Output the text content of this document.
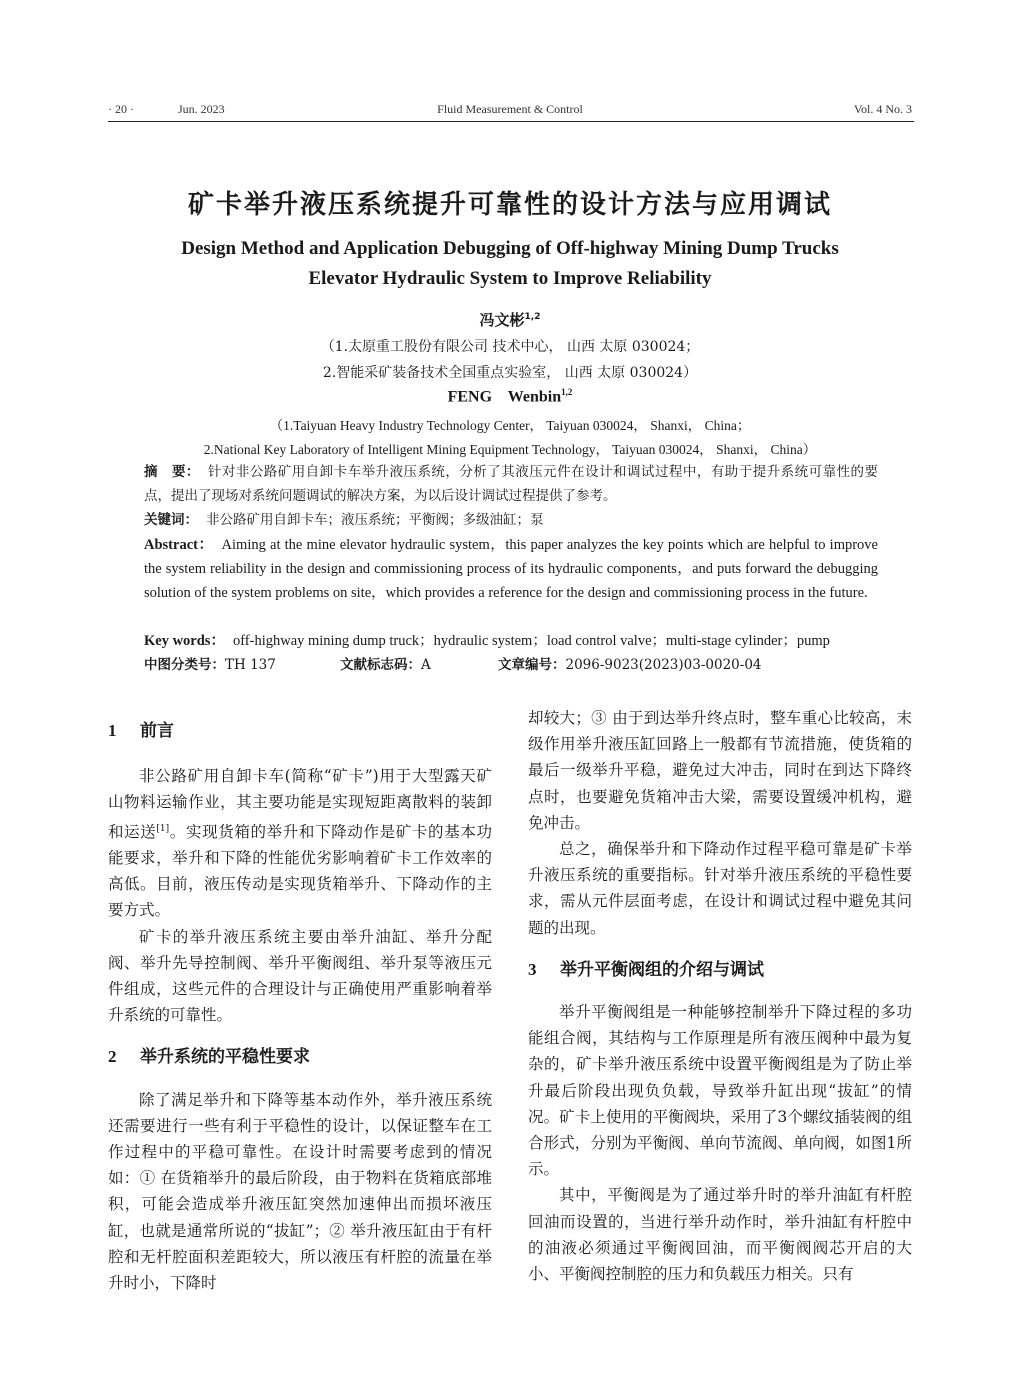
· 20 ·	Jun. 2023	Fluid Measurement & Control	Vol. 4 No. 3
矿卡举升液压系统提升可靠性的设计方法与应用调试
Design Method and Application Debugging of Off-highway Mining Dump Trucks
Elevator Hydraulic System to Improve Reliability
冯文彬$^{1,2}$
（1.太原重工股份有限公司 技术中心， 山西 太原 030024；
2.智能采矿装备技术全国重点实验室， 山西 太原 030024）
FENG    Wenbin$^{1,2}$
（1.Taiyuan Heavy Industry Technology Center， Taiyuan 030024， Shanxi， China；
2.National Key Laboratory of Intelligent Mining Equipment Technology， Taiyuan 030024， Shanxi， China）
摘　要： 针对非公路矿用自卸卡车举升液压系统，分析了其液压元件在设计和调试过程中，有助于提升系统可靠性的要点，提出了现场对系统问题调试的解决方案，为以后设计调试过程提供了参考。
关键词： 非公路矿用自卸卡车；液压系统；平衡阀；多级油缸；泵
Abstract： Aiming at the mine elevator hydraulic system，this paper analyzes the key points which are helpful to improve the system reliability in the design and commissioning process of its hydraulic components，and puts forward the debugging solution of the system problems on site，which provides a reference for the design and commissioning process in the future.
Key words： off-highway mining dump truck；hydraulic system；load control valve；multi-stage cylinder；pump
中图分类号：TH 137	文献标志码：A	文章编号：2096-9023(2023)03-0020-04
1 前言

非公路矿用自卸卡车(简称“矿卡”)用于大型露天矿山物料运输作业，其主要功能是实现短距离散料的装卸和运送[1]。实现货箱的举升和下降动作是矿卡的基本功能要求，举升和下降的性能优劣影响着矿卡工作效率的高低。目前，液压传动是实现货箱举升、下降动作的主要方式。

矿卡的举升液压系统主要由举升油缸、举升分配阀、举升先导控制阀、举升平衡阀组、举升泵等液压元件组成，这些元件的合理设计与正确使用严重影响着举升系统的可靠性。

2 举升系统的平稳性要求

除了满足举升和下降等基本动作外，举升液压系统还需要进行一些有利于平稳性的设计，以保证整车在工作过程中的平稳可靠性。在设计时需要考虑到的情况如：① 在货箱举升的最后阶段，由于物料在货箱底部堆积，可能会造成举升液压缸突然加速伸出而损坏液压缸，也就是通常所说的“拔缸”；② 举升液压缸由于有杆腔和无杆腔面积差距较大，所以液压有杆腔的流量在举升时小，下降时

却较大；③ 由于到达举升终点时，整车重心比较高，末级作用举升液压缸回路上一般都有节流措施，使货箱的最后一级举升平稳，避免过大冲击，同时在到达下降终点时，也要避免货箱冲击大梁，需要设置缓冲机构，避免冲击。

总之，确保举升和下降动作过程平稳可靠是矿卡举升液压系统的重要指标。针对举升液压系统的平稳性要求，需从元件层面考虑，在设计和调试过程中避免其问题的出现。

3 举升平衡阀组的介绍与调试

举升平衡阀组是一种能够控制举升下降过程的多功能组合阀，其结构与工作原理是所有液压阀种中最为复杂的，矿卡举升液压系统中设置平衡阀组是为了防止举升最后阶段出现负负载，导致举升缸出现“拔缸”的情况。矿卡上使用的平衡阀块，采用了3个螺纹插装阀的组合形式，分别为平衡阀、单向节流阀、单向阀，如图1所示。

其中，平衡阀是为了通过举升时的举升油缸有杆腔回油而设置的，当进行举升动作时，举升油缸有杆腔中的油液必须通过平衡阀回油，而平衡阀阀芯开启的大小、平衡阀控制腔的压力和负载压力相关。只有
